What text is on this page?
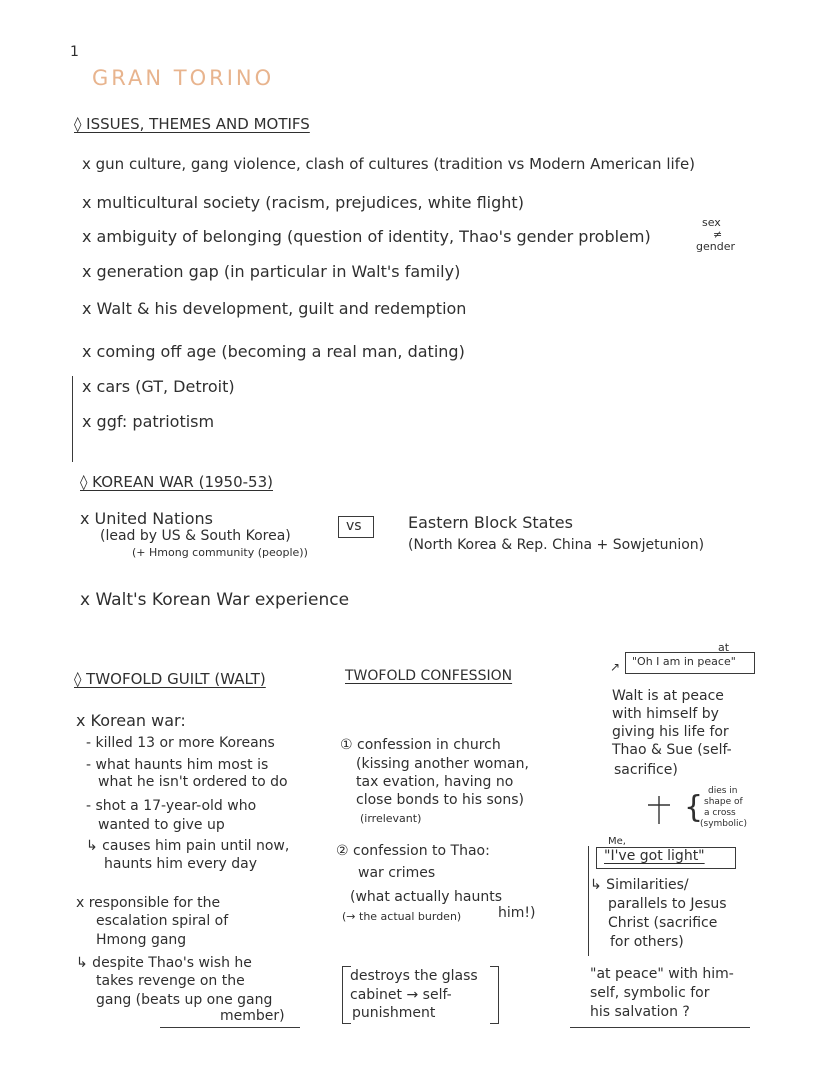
1
GRAN TORINO
◊ ISSUES, THEMES AND MOTIFS
x gun culture, gang violence, clash of cultures (tradition vs Modern American life)
x multicultural society (racism, prejudices, white flight)
x ambiguity of belonging (question of identity, Thao's gender problem)
sex
≠
gender
x generation gap (in particular in Walt's family)
x Walt & his development, guilt and redemption
x coming off age (becoming a real man, dating)
x cars (GT, Detroit)
x ggf: patriotism
◊ KOREAN WAR (1950-53)
x United Nations
(lead by US & South Korea)
(+ Hmong community (people))
vs	Eastern Block States
(North Korea & Rep. China + Sowjetunion)
x Walt's Korean War experience
◊ TWOFOLD GUILT (WALT)
x Korean war:
- killed 13 or more Koreans
- what haunts him most is
what he isn't ordered to do
- shot a 17-year-old who
wanted to give up
↳ causes him pain until now,
haunts him every day
x responsible for the
escalation spiral of
Hmong gang
↳ despite Thao's wish he
takes revenge on the
gang (beats up one gang
member)
TWOFOLD CONFESSION
① confession in church
(kissing another woman,
tax evation, having no
close bonds to his sons)
(irrelevant)
② confession to Thao:
war crimes
(what actually haunts
him!)
(→ the actual burden)
destroys the glass
cabinet → self-
punishment
at
↗ "Oh I am in peace"
Walt is at peace
with himself by
giving his life for
Thao & Sue (self-
sacrifice)
{ dies in
shape of
a cross
(symbolic)
Me,
"I've got light"
↳ Similarities/
parallels to Jesus
Christ (sacrifice
for others)
"at peace" with him-
self, symbolic for
his salvation ?
